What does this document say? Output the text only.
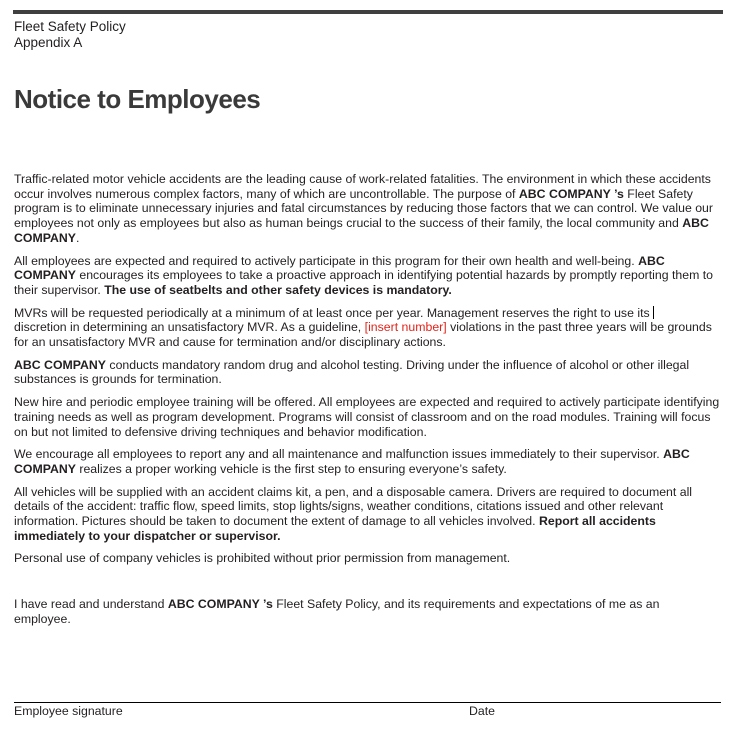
Fleet Safety Policy
Appendix A
Notice to Employees

Traffic-related motor vehicle accidents are the leading cause of work-related fatalities. The environment in which these accidents occur involves numerous complex factors, many of which are uncontrollable. The purpose of ABC COMPANY ’s Fleet Safety program is to eliminate unnecessary injuries and fatal circumstances by reducing those factors that we can control. We value our employees not only as employees but also as human beings crucial to the success of their family, the local community and ABC COMPANY.

All employees are expected and required to actively participate in this program for their own health and well-being. ABC COMPANY encourages its employees to take a proactive approach in identifying potential hazards by promptly reporting them to their supervisor. The use of seatbelts and other safety devices is mandatory.

MVRs will be requested periodically at a minimum of at least once per year. Management reserves the right to use its
discretion in determining an unsatisfactory MVR. As a guideline, [insert number] violations in the past three years will be grounds for an unsatisfactory MVR and cause for termination and/or disciplinary actions.

ABC COMPANY conducts mandatory random drug and alcohol testing. Driving under the influence of alcohol or other illegal substances is grounds for termination.

New hire and periodic employee training will be offered. All employees are expected and required to actively participate identifying training needs as well as program development. Programs will consist of classroom and on the road modules. Training will focus on but not limited to defensive driving techniques and behavior modification.

We encourage all employees to report any and all maintenance and malfunction issues immediately to their supervisor. ABC COMPANY realizes a proper working vehicle is the first step to ensuring everyone’s safety.

All vehicles will be supplied with an accident claims kit, a pen, and a disposable camera. Drivers are required to document all details of the accident: traffic flow, speed limits, stop lights/signs, weather conditions, citations issued and other relevant information. Pictures should be taken to document the extent of damage to all vehicles involved. Report all accidents immediately to your dispatcher or supervisor.

Personal use of company vehicles is prohibited without prior permission from management.

I have read and understand ABC COMPANY ’s Fleet Safety Policy, and its requirements and expectations of me as an employee.

Employee signature	Date
